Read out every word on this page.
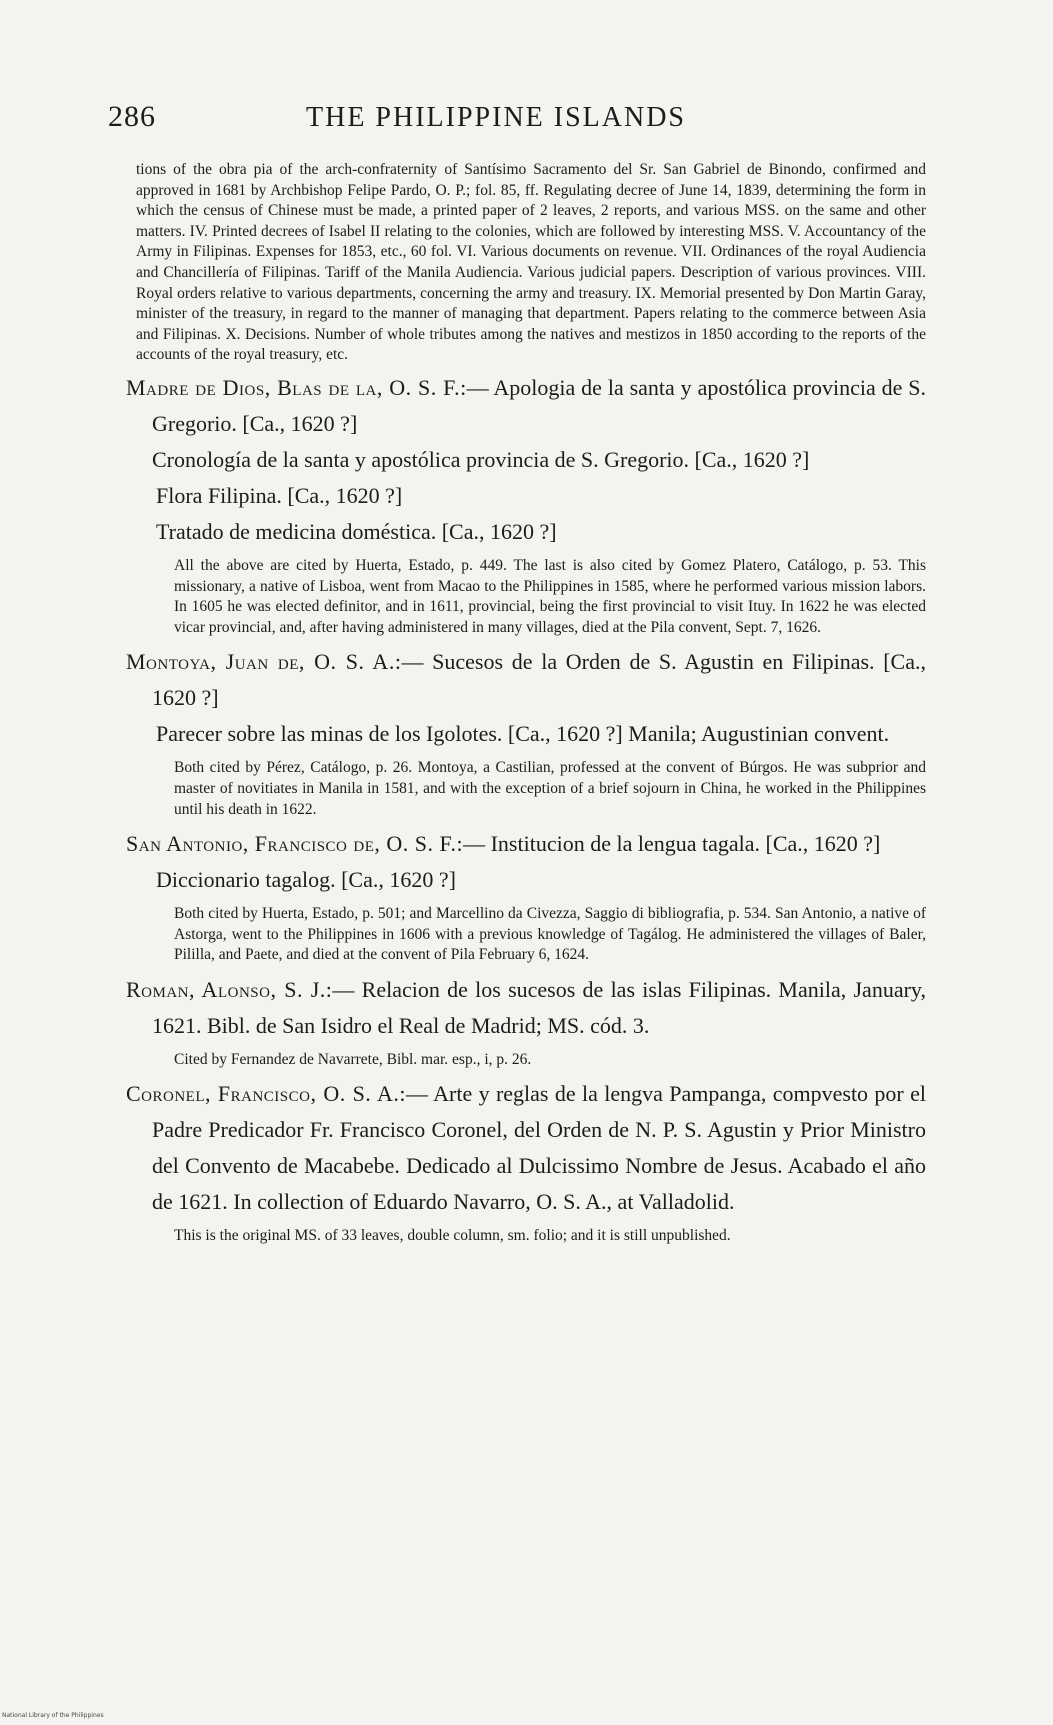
286	THE PHILIPPINE ISLANDS

tions of the obra pia of the arch-confraternity of Santísimo Sacramento del Sr. San Gabriel de Binondo, confirmed and approved in 1681 by Archbishop Felipe Pardo, O. P.; fol. 85, ff. Regulating decree of June 14, 1839, determining the form in which the census of Chinese must be made, a printed paper of 2 leaves, 2 reports, and various MSS. on the same and other matters. IV. Printed decrees of Isabel II relating to the colonies, which are followed by interesting MSS. V. Accountancy of the Army in Filipinas. Expenses for 1853, etc., 60 fol. VI. Various documents on revenue. VII. Ordinances of the royal Audiencia and Chancillería of Filipinas. Tariff of the Manila Audiencia. Various judicial papers. Description of various provinces. VIII. Royal orders relative to various departments, concerning the army and treasury. IX. Memorial presented by Don Martin Garay, minister of the treasury, in regard to the manner of managing that department. Papers relating to the commerce between Asia and Filipinas. X. Decisions. Number of whole tributes among the natives and mestizos in 1850 according to the reports of the accounts of the royal treasury, etc.

Madre de Dios, Blas de la, O. S. F.:— Apologia de la santa y apostólica provincia de S. Gregorio. [Ca., 1620 ?]

Cronología de la santa y apostólica provincia de S. Gregorio. [Ca., 1620 ?]

Flora Filipina. [Ca., 1620 ?]

Tratado de medicina doméstica. [Ca., 1620 ?]

All the above are cited by Huerta, Estado, p. 449. The last is also cited by Gomez Platero, Catálogo, p. 53. This missionary, a native of Lisboa, went from Macao to the Philippines in 1585, where he performed various mission labors. In 1605 he was elected definitor, and in 1611, provincial, being the first provincial to visit Ituy. In 1622 he was elected vicar provincial, and, after having administered in many villages, died at the Pila convent, Sept. 7, 1626.

Montoya, Juan de, O. S. A.:— Sucesos de la Orden de S. Agustin en Filipinas. [Ca., 1620 ?]

Parecer sobre las minas de los Igolotes. [Ca., 1620 ?] Manila; Augustinian convent.

Both cited by Pérez, Catálogo, p. 26. Montoya, a Castilian, professed at the convent of Búrgos. He was subprior and master of novitiates in Manila in 1581, and with the exception of a brief sojourn in China, he worked in the Philippines until his death in 1622.

San Antonio, Francisco de, O. S. F.:— Institucion de la lengua tagala. [Ca., 1620 ?]

Diccionario tagalog. [Ca., 1620 ?]

Both cited by Huerta, Estado, p. 501; and Marcellino da Civezza, Saggio di bibliografia, p. 534. San Antonio, a native of Astorga, went to the Philippines in 1606 with a previous knowledge of Tagálog. He administered the villages of Baler, Pililla, and Paete, and died at the convent of Pila February 6, 1624.

Roman, Alonso, S. J.:— Relacion de los sucesos de las islas Filipinas. Manila, January, 1621. Bibl. de San Isidro el Real de Madrid; MS. cód. 3.

Cited by Fernandez de Navarrete, Bibl. mar. esp., i, p. 26.

Coronel, Francisco, O. S. A.:— Arte y reglas de la lengva Pampanga, compvesto por el Padre Predicador Fr. Francisco Coronel, del Orden de N. P. S. Agustin y Prior Ministro del Convento de Macabebe. Dedicado al Dulcissimo Nombre de Jesus. Acabado el año de 1621. In collection of Eduardo Navarro, O. S. A., at Valladolid.

This is the original MS. of 33 leaves, double column, sm. folio; and it is still unpublished.

National Library of the Philippines
